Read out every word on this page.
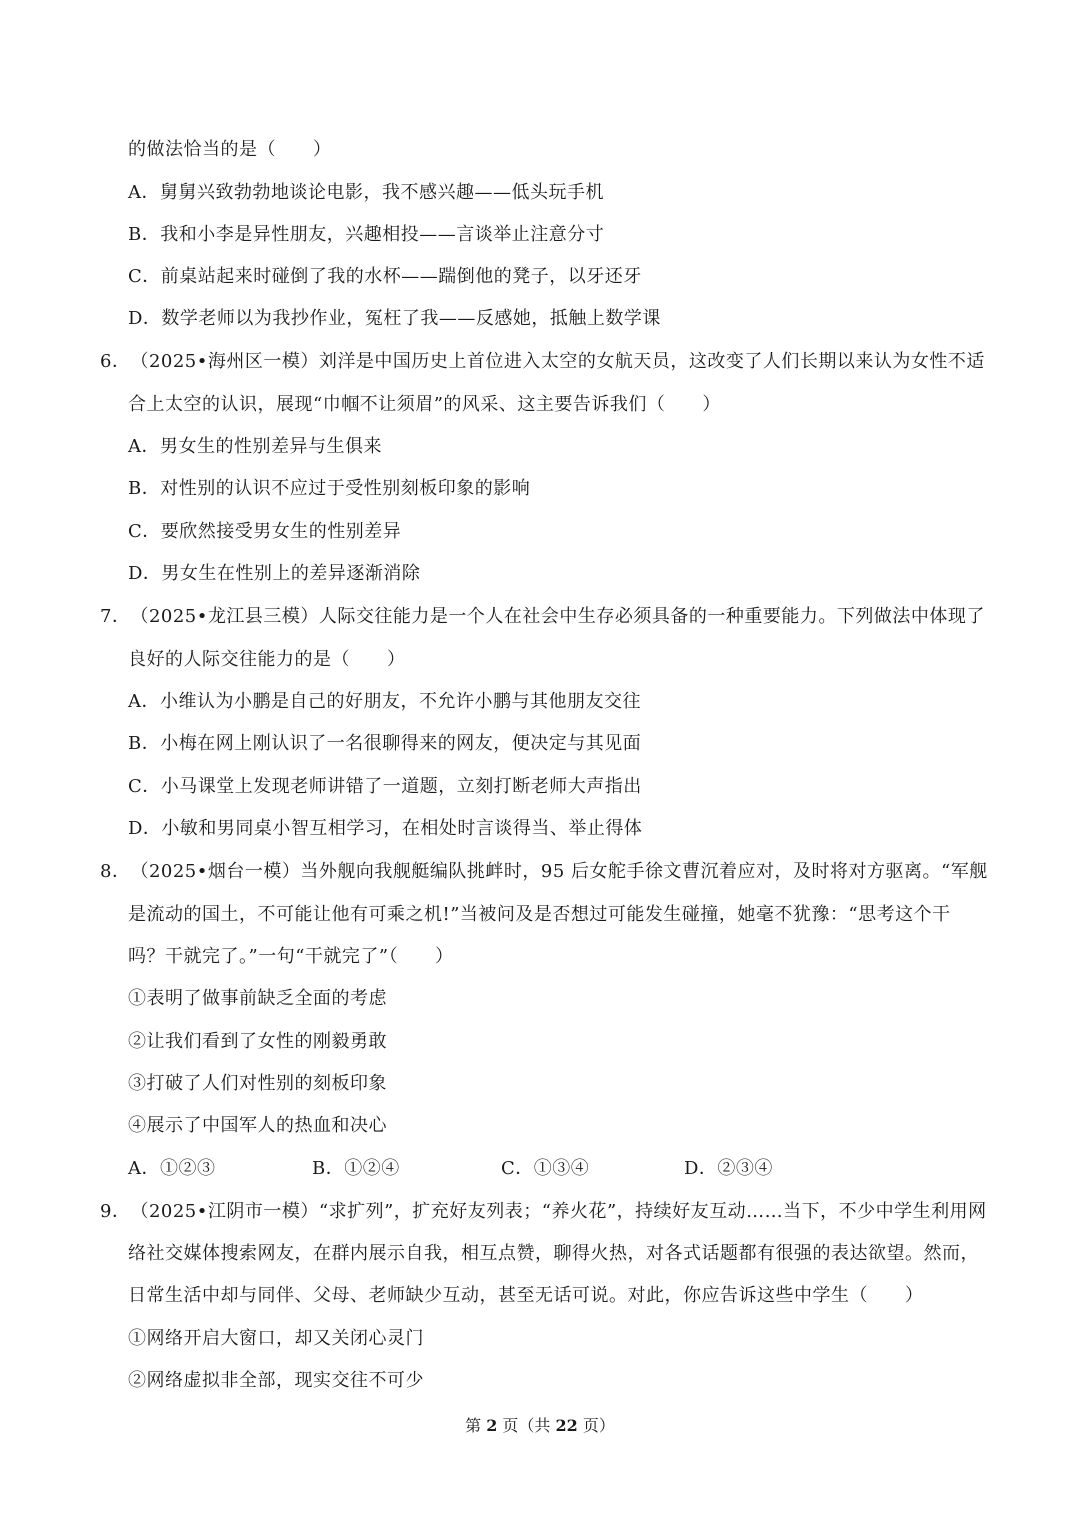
的做法恰当的是（　　）
A．舅舅兴致勃勃地谈论电影，我不感兴趣——低头玩手机
B．我和小李是异性朋友，兴趣相投——言谈举止注意分寸
C．前桌站起来时碰倒了我的水杯——踹倒他的凳子，以牙还牙
D．数学老师以为我抄作业，冤枉了我——反感她，抵触上数学课
6．（2025•海州区一模）刘洋是中国历史上首位进入太空的女航天员，这改变了人们长期以来认为女性不适
合上太空的认识，展现“巾帼不让须眉”的风采、这主要告诉我们（　　）
A．男女生的性别差异与生俱来
B．对性别的认识不应过于受性别刻板印象的影响
C．要欣然接受男女生的性别差异
D．男女生在性别上的差异逐渐消除
7．（2025•龙江县三模）人际交往能力是一个人在社会中生存必须具备的一种重要能力。下列做法中体现了
良好的人际交往能力的是（　　）
A．小维认为小鹏是自己的好朋友，不允许小鹏与其他朋友交往
B．小梅在网上刚认识了一名很聊得来的网友，便决定与其见面
C．小马课堂上发现老师讲错了一道题，立刻打断老师大声指出
D．小敏和男同桌小智互相学习，在相处时言谈得当、举止得体
8．（2025•烟台一模）当外舰向我舰艇编队挑衅时，95 后女舵手徐文曹沉着应对，及时将对方驱离。“军舰
是流动的国土，不可能让他有可乘之机!”当被问及是否想过可能发生碰撞，她毫不犹豫：“思考这个干
吗？干就完了。”一句“干就完了”（　　）
①表明了做事前缺乏全面的考虑
②让我们看到了女性的刚毅勇敢
③打破了人们对性别的刻板印象
④展示了中国军人的热血和决心
A．①②③	B．①②④	C．①③④	D．②③④
9．（2025•江阴市一模）“求扩列”，扩充好友列表；“养火花”，持续好友互动……当下，不少中学生利用网
络社交媒体搜索网友，在群内展示自我，相互点赞，聊得火热，对各式话题都有很强的表达欲望。然而，
日常生活中却与同伴、父母、老师缺少互动，甚至无话可说。对此，你应告诉这些中学生（　　）
①网络开启大窗口，却又关闭心灵门
②网络虚拟非全部，现实交往不可少
第 2 页（共 22 页）
